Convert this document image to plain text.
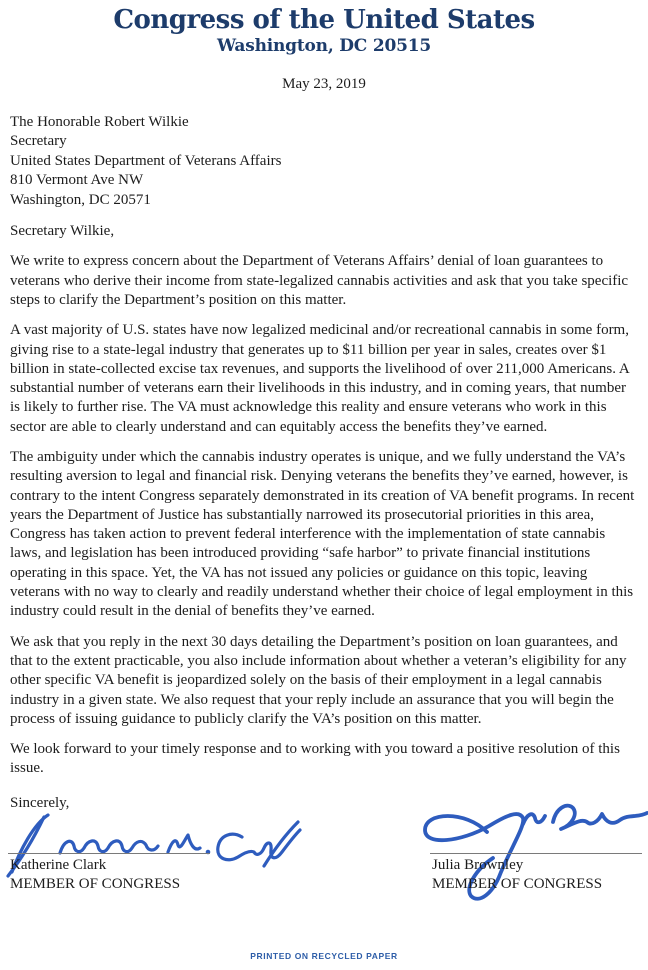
Congress of the United States
Washington, DC 20515
May 23, 2019
The Honorable Robert Wilkie
Secretary
United States Department of Veterans Affairs
810 Vermont Ave NW
Washington, DC 20571
Secretary Wilkie,

We write to express concern about the Department of Veterans Affairs’ denial of loan guarantees to veterans who derive their income from state-legalized cannabis activities and ask that you take specific steps to clarify the Department’s position on this matter.

A vast majority of U.S. states have now legalized medicinal and/or recreational cannabis in some form, giving rise to a state-legal industry that generates up to $11 billion per year in sales, creates over $1 billion in state-collected excise tax revenues, and supports the livelihood of over 211,000 Americans. A substantial number of veterans earn their livelihoods in this industry, and in coming years, that number is likely to further rise. The VA must acknowledge this reality and ensure veterans who work in this sector are able to clearly understand and can equitably access the benefits they’ve earned.

The ambiguity under which the cannabis industry operates is unique, and we fully understand the VA’s resulting aversion to legal and financial risk. Denying veterans the benefits they’ve earned, however, is contrary to the intent Congress separately demonstrated in its creation of VA benefit programs. In recent years the Department of Justice has substantially narrowed its prosecutorial priorities in this area, Congress has taken action to prevent federal interference with the implementation of state cannabis laws, and legislation has been introduced providing “safe harbor” to private financial institutions operating in this space. Yet, the VA has not issued any policies or guidance on this topic, leaving veterans with no way to clearly and readily understand whether their choice of legal employment in this industry could result in the denial of benefits they’ve earned.

We ask that you reply in the next 30 days detailing the Department’s position on loan guarantees, and that to the extent practicable, you also include information about whether a veteran’s eligibility for any other specific VA benefit is jeopardized solely on the basis of their employment in a legal cannabis industry in a given state. We also request that your reply include an assurance that you will begin the process of issuing guidance to publicly clarify the VA’s position on this matter.

We look forward to your timely response and to working with you toward a positive resolution of this issue.

Sincerely,
Katherine Clark
MEMBER OF CONGRESS
Julia Brownley
MEMBER OF CONGRESS
PRINTED ON RECYCLED PAPER
